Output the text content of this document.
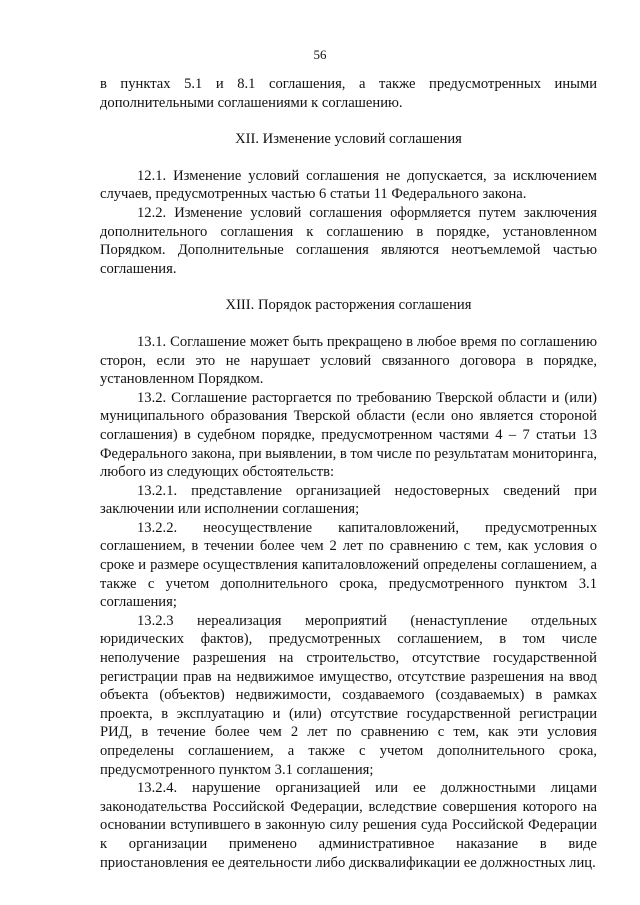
56

в пунктах 5.1 и 8.1 соглашения, а также предусмотренных иными дополнительными соглашениями к соглашению.

XII. Изменение условий соглашения

12.1. Изменение условий соглашения не допускается, за исключением случаев, предусмотренных частью 6 статьи 11 Федерального закона.

12.2. Изменение условий соглашения оформляется путем заключения дополнительного соглашения к соглашению в порядке, установленном Порядком. Дополнительные соглашения являются неотъемлемой частью соглашения.

XIII. Порядок расторжения соглашения

13.1. Соглашение может быть прекращено в любое время по соглашению сторон, если это не нарушает условий связанного договора в порядке, установленном Порядком.

13.2. Соглашение расторгается по требованию Тверской области и (или) муниципального образования Тверской области (если оно является стороной соглашения) в судебном порядке, предусмотренном частями 4 – 7 статьи 13 Федерального закона, при выявлении, в том числе по результатам мониторинга, любого из следующих обстоятельств:

13.2.1. представление организацией недостоверных сведений при заключении или исполнении соглашения;

13.2.2. неосуществление капиталовложений, предусмотренных соглашением, в течении более чем 2 лет по сравнению с тем, как условия о сроке и размере осуществления капиталовложений определены соглашением, а также с учетом дополнительного срока, предусмотренного пунктом 3.1 соглашения;

13.2.3 нереализация мероприятий (ненаступление отдельных юридических фактов), предусмотренных соглашением, в том числе неполучение разрешения на строительство, отсутствие государственной регистрации прав на недвижимое имущество, отсутствие разрешения на ввод объекта (объектов) недвижимости, создаваемого (создаваемых) в рамках проекта, в эксплуатацию и (или) отсутствие государственной регистрации РИД, в течение более чем 2 лет по сравнению с тем, как эти условия определены соглашением, а также с учетом дополнительного срока, предусмотренного пунктом 3.1 соглашения;

13.2.4. нарушение организацией или ее должностными лицами законодательства Российской Федерации, вследствие совершения которого на основании вступившего в законную силу решения суда Российской Федерации к организации применено административное наказание в виде приостановления ее деятельности либо дисквалификации ее должностных лиц.
